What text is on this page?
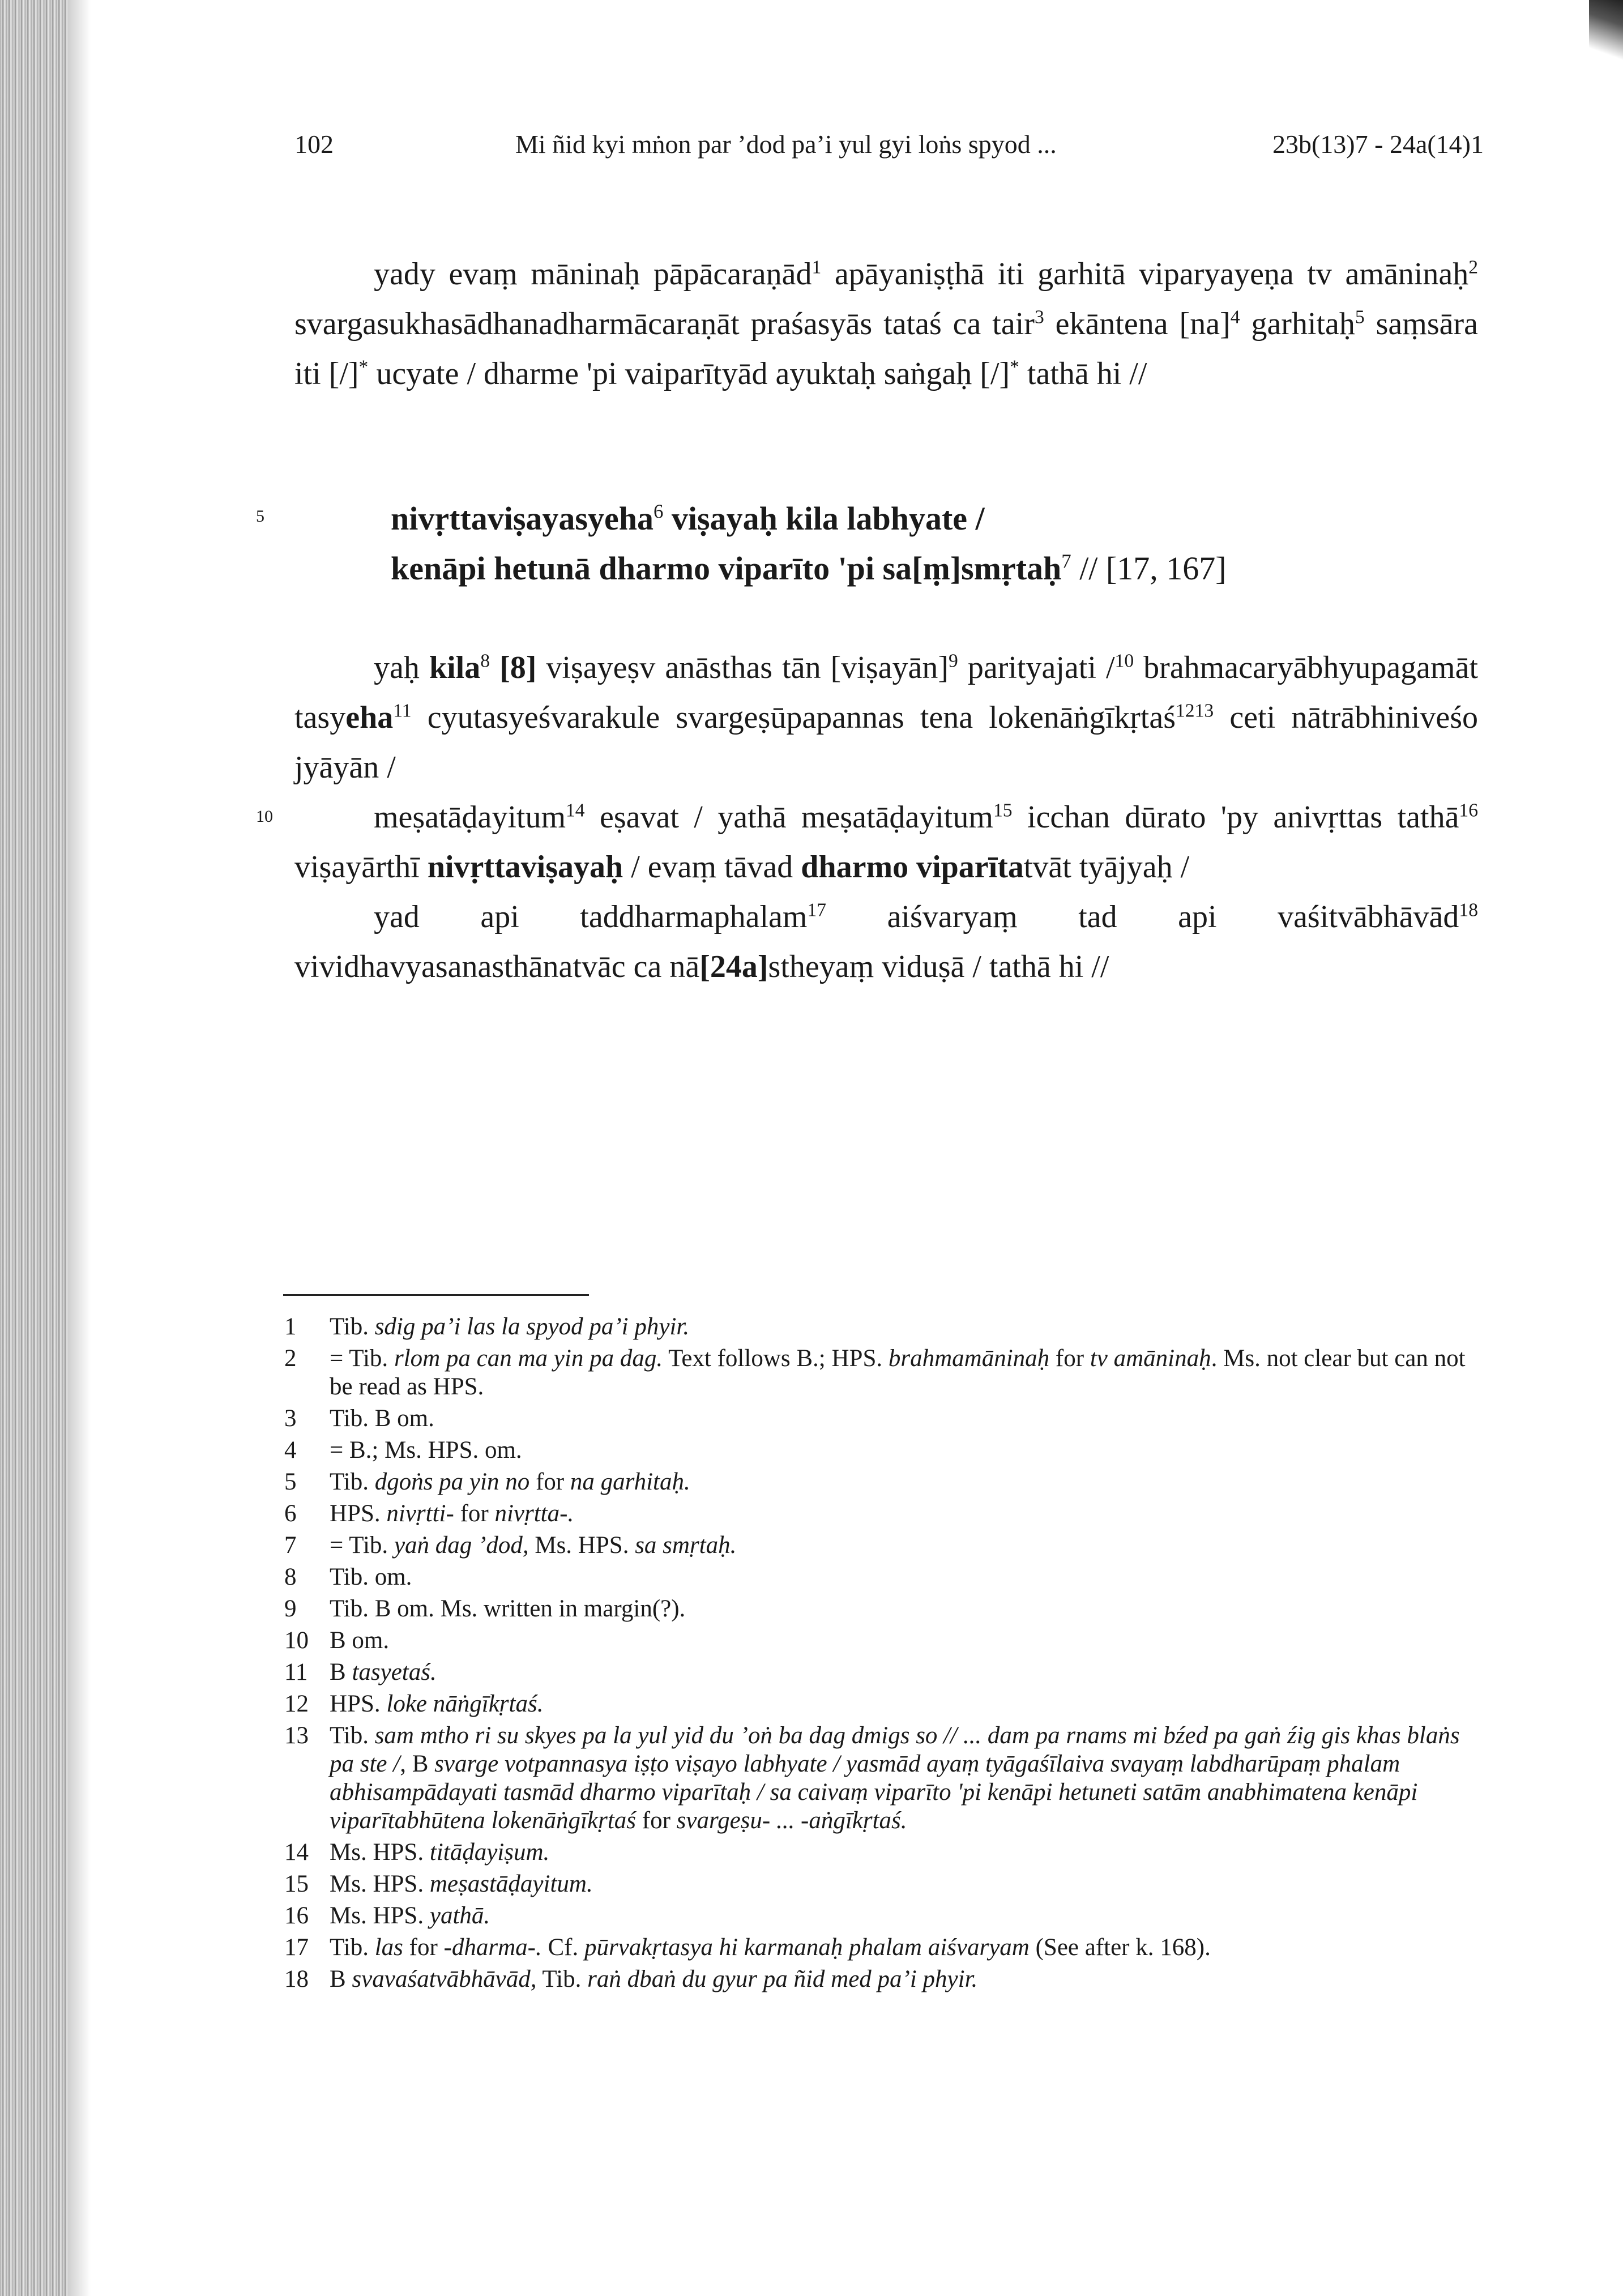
102	Mi ñid kyi mṅon par ’dod pa’i yul gyi loṅs spyod ...	23b(13)7 - 24a(14)1
5
10

yady evaṃ māninaḥ pāpācaraṇād$^1$ apāyaniṣṭhā iti garhitā viparyayeṇa tv amāninaḥ$^2$ svargasukhasādhanadharmācaraṇāt praśasyās tataś ca tair$^3$ ekāntena [na]$^4$ garhitaḥ$^5$ saṃsāra iti [/]* ucyate / dharme 'pi vaiparītyād ayuktaḥ saṅgaḥ [/]* tathā hi //

nivṛttaviṣayasyeha$^6$ viṣayaḥ kila labhyate /
kenāpi hetunā dharmo viparīto 'pi sa[ṃ]smṛtaḥ$^7$ // [17, 167]

yaḥ kila$^8$ [8] viṣayeṣv anāsthas tān [viṣayān]$^9$ parityajati /$^{10}$ brahmacaryābhyupagamāt tasyeha$^{11}$ cyutasyeśvarakule svargeṣūpapannas tena lokenāṅgīkṛtaś$^{1213}$ ceti nātrābhiniveśo jyāyān /

meṣatāḍayitum$^{14}$ eṣavat / yathā meṣatāḍayitum$^{15}$ icchan dūrato 'py anivṛttas tathā$^{16}$ viṣayārthī nivṛttaviṣayaḥ / evaṃ tāvad dharmo viparītatvāt tyājyaḥ /

yad api taddharmaphalam$^{17}$ aiśvaryaṃ tad api vaśitvābhāvād$^{18}$ vividhavyasanasthānatvāc ca nā[24a]stheyaṃ viduṣā / tathā hi //

1	Tib. sdig pa’i las la spyod pa’i phyir.
2	= Tib. rlom pa can ma yin pa dag. Text follows B.; HPS. brahmamāninaḥ for tv amāninaḥ. Ms. not clear but can not be read as HPS.
3	Tib. B om.
4	= B.; Ms. HPS. om.
5	Tib. dgoṅs pa yin no for na garhitaḥ.
6	HPS. nivṛtti- for nivṛtta-.
7	= Tib. yaṅ dag ’dod, Ms. HPS. sa smṛtaḥ.
8	Tib. om.
9	Tib. B om. Ms. written in margin(?).
10 B om.
11 B tasyetaś.
12 HPS. loke nāṅgīkṛtaś.
13 Tib. sam mtho ri su skyes pa la yul yid du ’oṅ ba dag dmigs so // ... dam pa rnams mi bźed pa gaṅ źig gis khas blaṅs pa ste /, B svarge votpannasya iṣṭo viṣayo labhyate / yasmād ayaṃ tyāgaśīlaiva svayaṃ labdharūpaṃ phalam abhisampādayati tasmād dharmo viparītaḥ / sa caivaṃ viparīto 'pi kenāpi hetuneti satām anabhimatena kenāpi viparītabhūtena lokenāṅgīkṛtaś for svargeṣu- ... -aṅgīkṛtaś.
14 Ms. HPS. titāḍayiṣum.
15 Ms. HPS. meṣastāḍayitum.
16 Ms. HPS. yathā.
17 Tib. las for -dharma-. Cf. pūrvakṛtasya hi karmanaḥ phalam aiśvaryam (See after k. 168).
18 B svavaśatvābhāvād, Tib. raṅ dbaṅ du gyur pa ñid med pa’i phyir.
